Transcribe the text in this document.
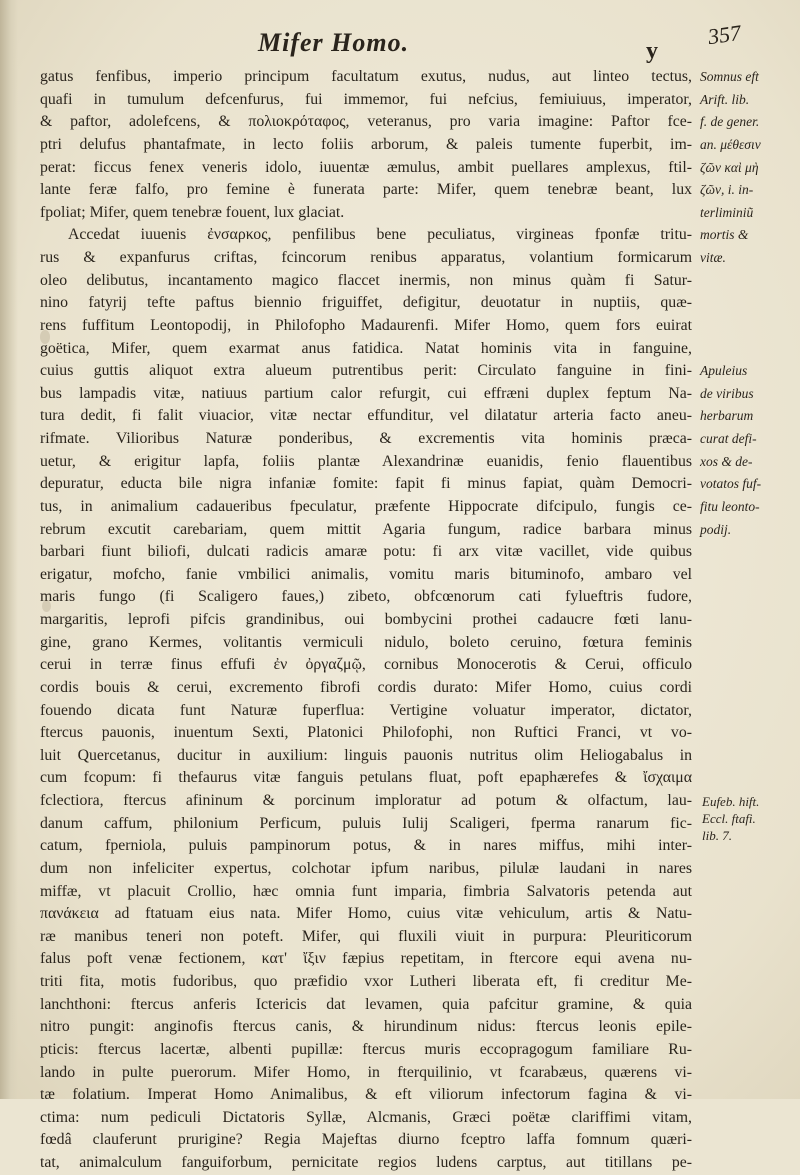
Mifer Homo.	y
357
gatus fenfibus, imperio principum facultatum exutus, nudus, aut linteo tectus,
quafi in tumulum defcenfurus, fui immemor, fui nefcius, femiuiuus, imperator,
& paftor, adolefcens, & πολιοκρόταφος, veteranus, pro varia imagine: Paftor fce-
ptri delufus phantafmate, in lecto foliis arborum, & paleis tumente fuperbit, im-
perat: ficcus fenex veneris idolo, iuuentæ æmulus, ambit puellares amplexus, ftil-
lante feræ falfo, pro femine è funerata parte: Mifer, quem tenebræ beant, lux
fpoliat; Mifer, quem tenebræ fouent, lux glaciat.
Accedat iuuenis ἐνσαρκος, penfilibus bene peculiatus, virgineas fponfæ tritu-
rus & expanfurus criftas, fcincorum renibus apparatus, volantium formicarum
oleo delibutus, incantamento magico flaccet inermis, non minus quàm fi Satur-
nino fatyrij tefte paftus biennio friguiffet, defigitur, deuotatur in nuptiis, quæ-
rens fuffitum Leontopodij, in Philofopho Madaurenfi. Mifer Homo, quem fors euirat
goëtica, Mifer, quem exarmat anus fatidica. Natat hominis vita in fanguine,
cuius guttis aliquot extra alueum putrentibus perit: Circulato fanguine in fini-
bus lampadis vitæ, natiuus partium calor refurgit, cui effræni duplex feptum Na-
tura dedit, fi falit viuacior, vitæ nectar effunditur, vel dilatatur arteria facto aneu-
rifmate. Vilioribus Naturæ ponderibus, & excrementis vita hominis præca-
uetur, & erigitur lapfa, foliis plantæ Alexandrinæ euanidis, fenio flauentibus
depuratur, educta bile nigra infaniæ fomite: fapit fi minus fapiat, quàm Democri-
tus, in animalium cadaueribus fpeculatur, præfente Hippocrate difcipulo, fungis ce-
rebrum excutit carebariam, quem mittit Agaria fungum, radice barbara minus
barbari fiunt biliofi, dulcati radicis amaræ potu: fi arx vitæ vacillet, vide quibus
erigatur, mofcho, fanie vmbilici animalis, vomitu maris bituminofo, ambaro vel
maris fungo (fi Scaligero faues,) zibeto, obfcœnorum cati fylueftris fudore,
margaritis, leprofi pifcis grandinibus, oui bombycini prothei cadaucre fœti lanu-
gine, grano Kermes, volitantis vermiculi nidulo, boleto ceruino, fœtura feminis
cerui in terræ finus effufi ἐν ὀργαζμῷ, cornibus Monocerotis & Cerui, officulo
cordis bouis & cerui, excremento fibrofi cordis durato: Mifer Homo, cuius cordi
fouendo dicata funt Naturæ fuperflua: Vertigine voluatur imperator, dictator,
ftercus pauonis, inuentum Sexti, Platonici Philofophi, non Ruftici Franci, vt vo-
luit Quercetanus, ducitur in auxilium: linguis pauonis nutritus olim Heliogabalus in
cum fcopum: fi thefaurus vitæ fanguis petulans fluat, poft epaphærefes & ἴσχαιμα
fclectiora, ftercus afininum & porcinum imploratur ad potum & olfactum, lau-
danum caffum, philonium Perficum, puluis Iulij Scaligeri, fperma ranarum fic-
catum, fperniola, puluis pampinorum potus, & in nares miffus, mihi inter-
dum non infeliciter expertus, colchotar ipfum naribus, pilulæ laudani in nares
miffæ, vt placuit Crollio, hæc omnia funt imparia, fimbria Salvatoris petenda aut
πανάκεια ad ftatuam eius nata. Mifer Homo, cuius vitæ vehiculum, artis & Natu-
ræ manibus teneri non poteft. Mifer, qui fluxili viuit in purpura: Pleuriticorum
falus poft venæ fectionem, κατ' ἴξιν fæpius repetitam, in ftercore equi avena nu-
triti fita, motis fudoribus, quo præfidio vxor Lutheri liberata eft, fi creditur Me-
lanchthoni: ftercus anferis Ictericis dat levamen, quia pafcitur gramine, & quia
nitro pungit: anginofis ftercus canis, & hirundinum nidus: ftercus leonis epile-
pticis: ftercus lacertæ, albenti pupillæ: ftercus muris eccopragogum familiare Ru-
lando in pulte puerorum. Mifer Homo, in fterquilinio, vt fcarabæus, quærens vi-
tæ folatium. Imperat Homo Animalibus, & eft viliorum infectorum fagina & vi-
ctima: num pediculi Dictatoris Syllæ, Alcmanis, Græci poëtæ clariffimi vitam,
fœdâ clauferunt prurigine? Regia Majeftas diurno fceptro laffa fomnum quæri-
tat, animalculum fanguiforbum, pernicitate regios ludens carptus, aut titillans pe-
Somnus eft
Arift. lib.
f. de gener.
an. μέθεσιν
ζῶν καὶ μὴ
ζῶν, i. in-
terliminiũ
mortis &
vitæ.
Apuleius
de viribus
herbarum
curat defi-
xos & de-
votatos fuf-
fitu leonto-
podij.
Eufeb. hift. Eccl. ftafi. lib. 7.
